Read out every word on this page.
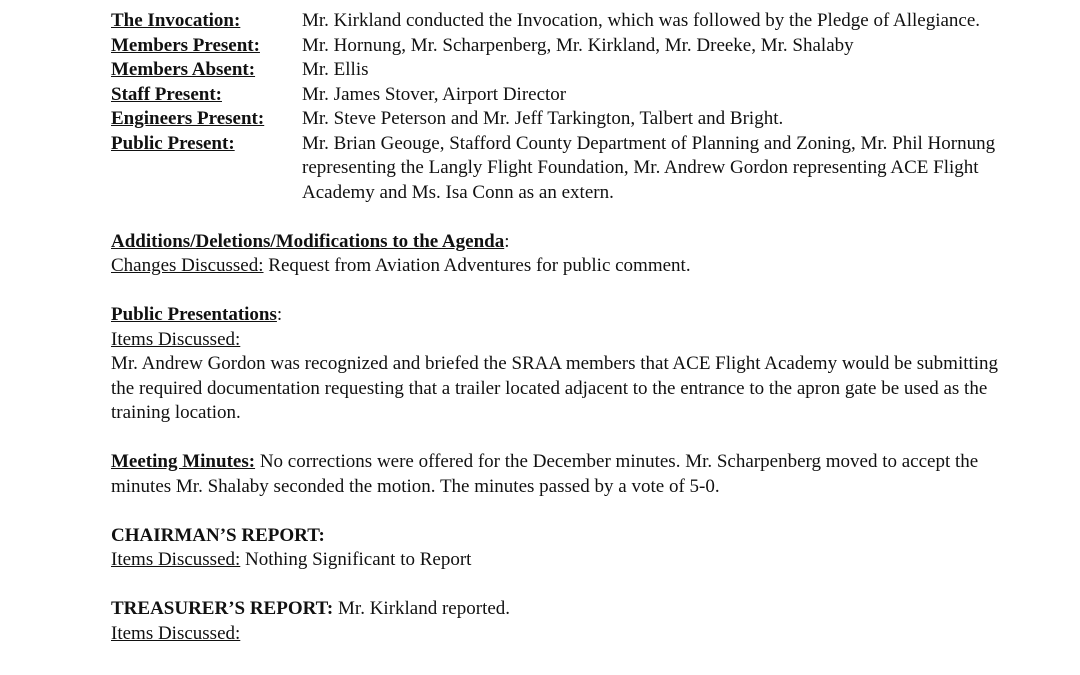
The Invocation:	Mr. Kirkland conducted the Invocation, which was followed by the Pledge of Allegiance.
Members Present:	Mr. Hornung, Mr. Scharpenberg, Mr. Kirkland, Mr. Dreeke, Mr. Shalaby
Members Absent:	Mr. Ellis
Staff Present:	Mr. James Stover, Airport Director
Engineers Present:	Mr. Steve Peterson and Mr. Jeff Tarkington, Talbert and Bright.
Public Present:	Mr. Brian Geouge, Stafford County Department of Planning and Zoning, Mr. Phil Hornung representing the Langly Flight Foundation, Mr. Andrew Gordon representing ACE Flight Academy and Ms. Isa Conn as an extern.

Additions/Deletions/Modifications to the Agenda:

Changes Discussed: Request from Aviation Adventures for public comment.

Public Presentations:

Items Discussed:

Mr. Andrew Gordon was recognized and briefed the SRAA members that ACE Flight Academy would be submitting the required documentation requesting that a trailer located adjacent to the entrance to the apron gate be used as the training location.

Meeting Minutes: No corrections were offered for the December minutes. Mr. Scharpenberg moved to accept the minutes Mr. Shalaby seconded the motion. The minutes passed by a vote of 5-0.

CHAIRMAN’S REPORT:

Items Discussed: Nothing Significant to Report

TREASURER’S REPORT: Mr. Kirkland reported.

Items Discussed:
